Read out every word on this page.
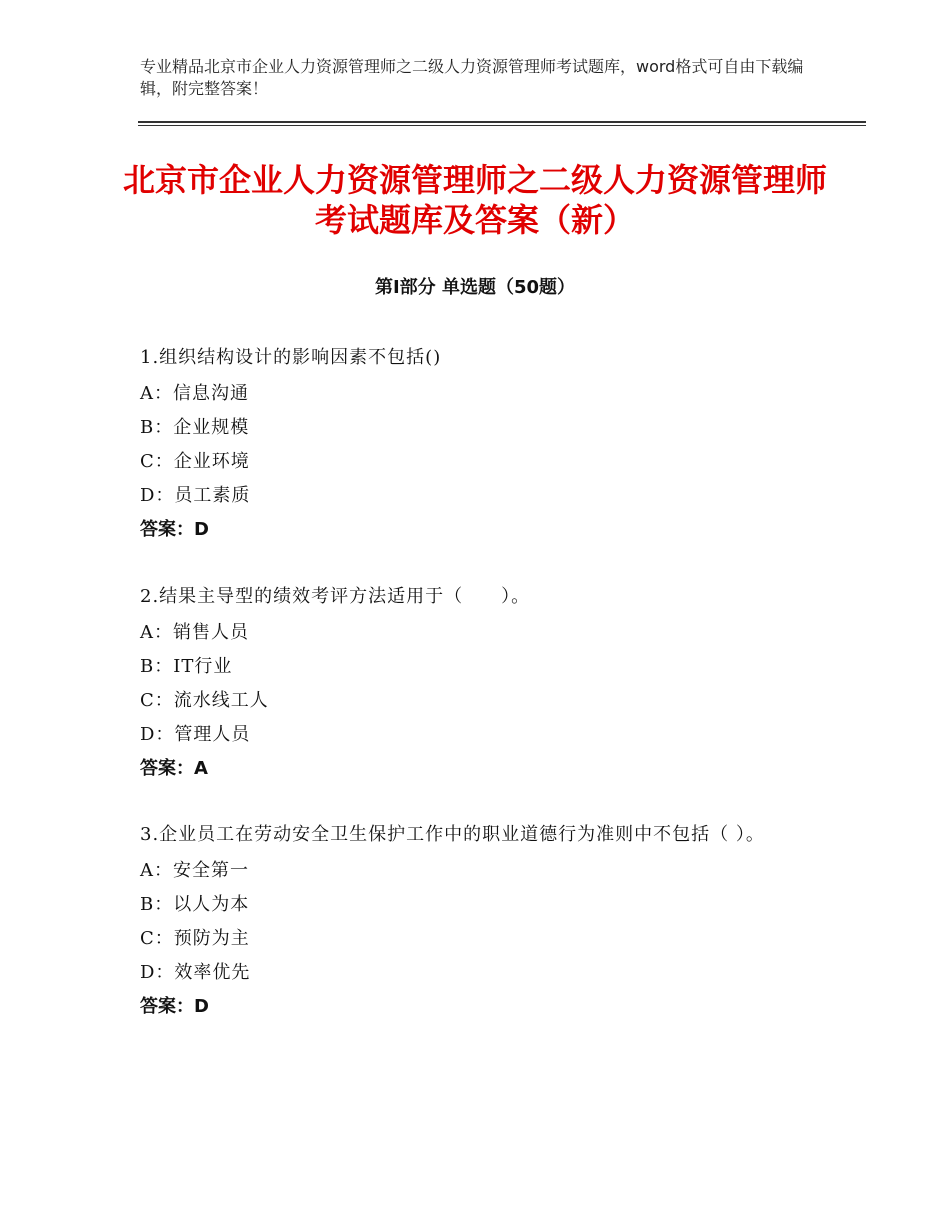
专业精品北京市企业人力资源管理师之二级人力资源管理师考试题库，word格式可自由下载编辑，附完整答案！
北京市企业人力资源管理师之二级人力资源管理师考试题库及答案（新）
第Ⅰ部分 单选题（50题）
1.组织结构设计的影响因素不包括()
A：信息沟通
B：企业规模
C：企业环境
D：员工素质
答案：D
2.结果主导型的绩效考评方法适用于（　　）。
A：销售人员
B：IT行业
C：流水线工人
D：管理人员
答案：A
3.企业员工在劳动安全卫生保护工作中的职业道德行为准则中不包括（ ）。
A：安全第一
B：以人为本
C：预防为主
D：效率优先
答案：D
